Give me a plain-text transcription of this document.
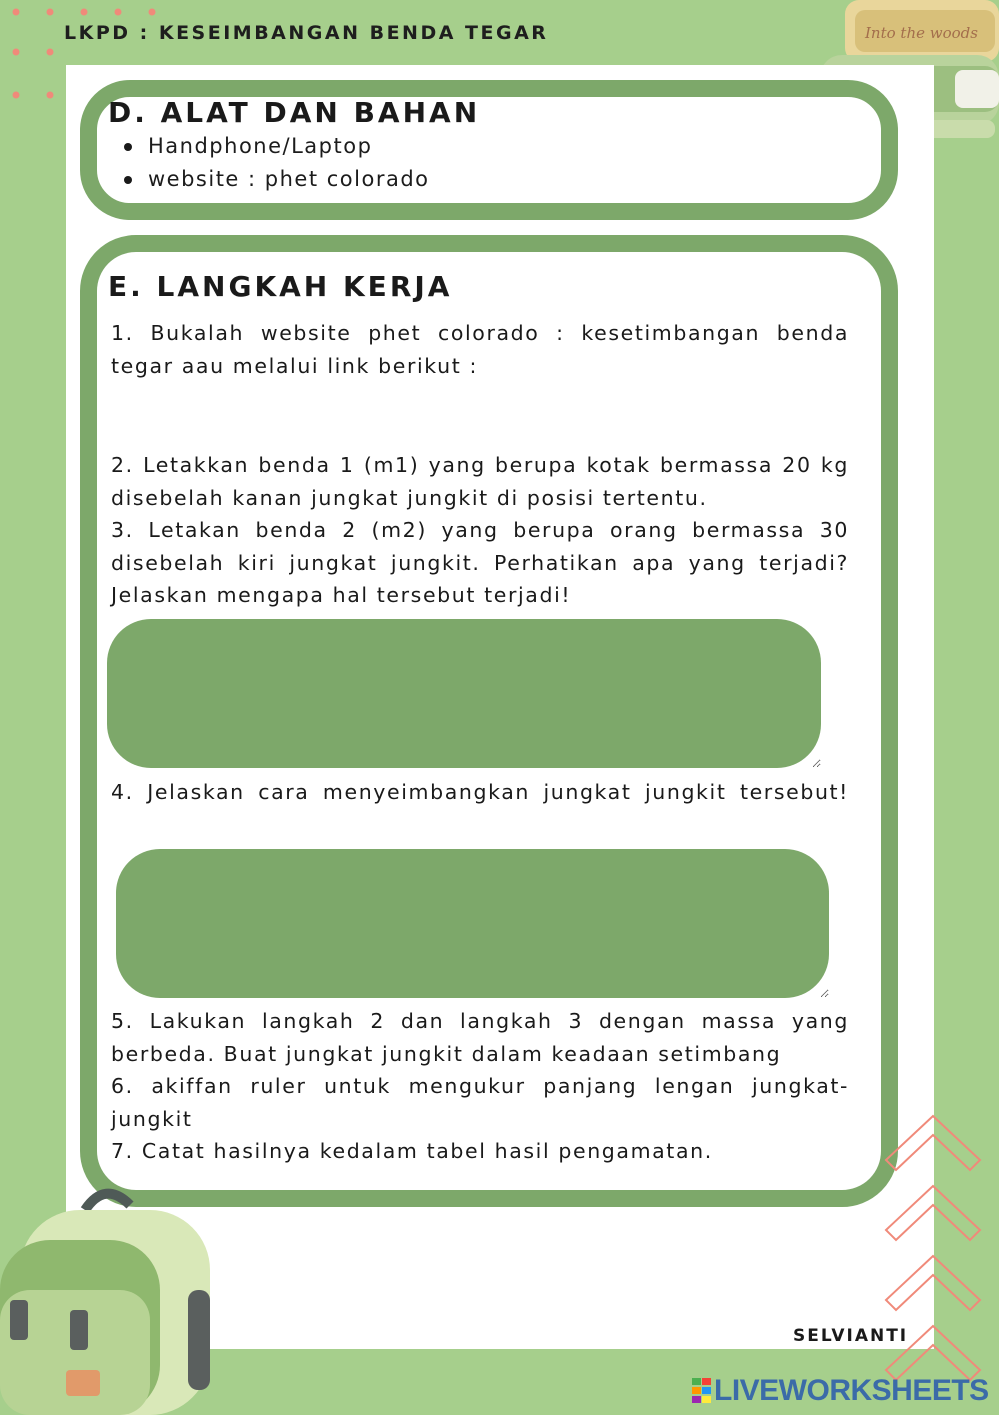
LKPD : KESEIMBANGAN BENDA TEGAR	Into the woods
D. ALAT DAN BAHAN
Handphone/Laptop
website : phet colorado
E. LANGKAH KERJA
1. Bukalah website phet colorado : kesetimbangan benda tegar aau melalui link berikut :
2. Letakkan benda 1 (m1) yang berupa kotak bermassa 20 kg disebelah kanan jungkat jungkit di posisi tertentu.
3. Letakan benda 2 (m2) yang berupa orang bermassa 30 disebelah kiri jungkat jungkit. Perhatikan apa yang terjadi? Jelaskan mengapa hal tersebut terjadi!
4. Jelaskan cara menyeimbangkan jungkat jungkit tersebut!
5. Lakukan langkah 2 dan langkah 3 dengan massa yang berbeda. Buat jungkat jungkit dalam keadaan setimbang
6. akiffan ruler untuk mengukur panjang lengan jungkat-jungkit
7. Catat hasilnya kedalam tabel hasil pengamatan.
SELVIANTI
LIVEWORKSHEETS
